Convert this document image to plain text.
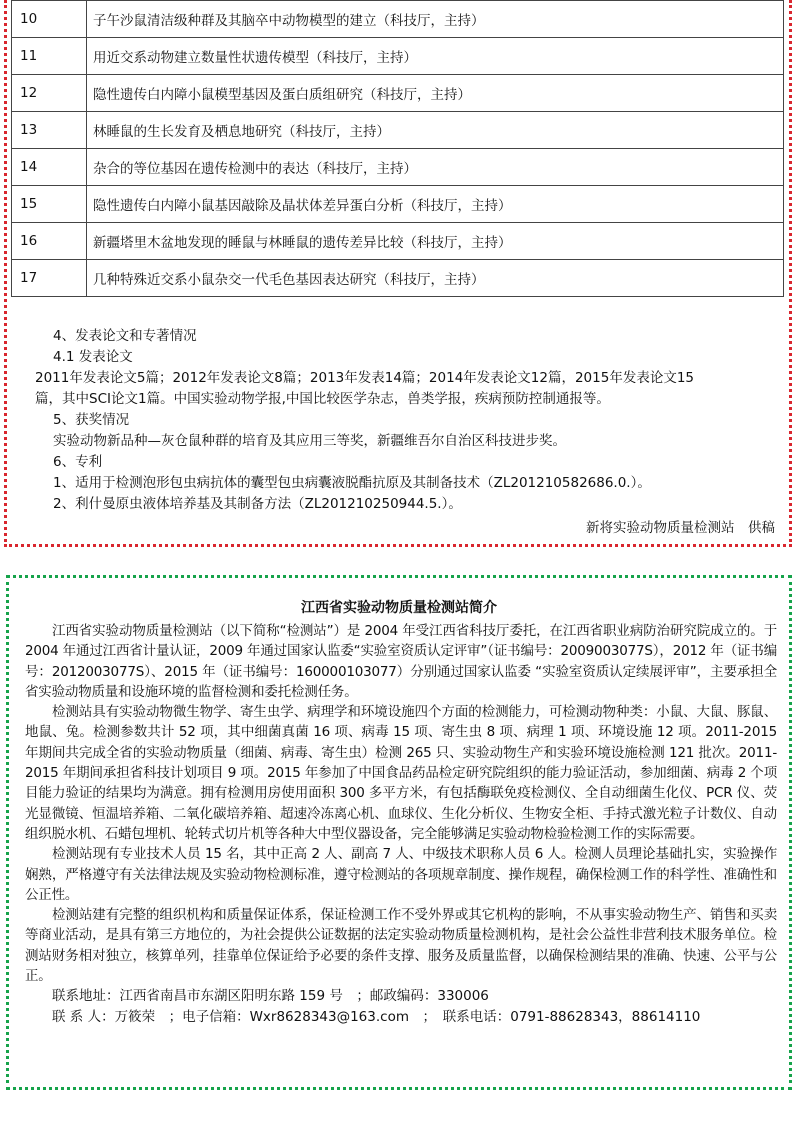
10	子午沙鼠清洁级种群及其脑卒中动物模型的建立（科技厅，主持）
11	用近交系动物建立数量性状遗传模型（科技厅，主持）
12	隐性遗传白内障小鼠模型基因及蛋白质组研究（科技厅，主持）
13	林睡鼠的生长发育及栖息地研究（科技厅，主持）
14	杂合的等位基因在遗传检测中的表达（科技厅，主持）
15	隐性遗传白内障小鼠基因敲除及晶状体差异蛋白分析（科技厅，主持）
16	新疆塔里木盆地发现的睡鼠与林睡鼠的遗传差异比较（科技厅，主持）
17	几种特殊近交系小鼠杂交一代毛色基因表达研究（科技厅，主持）
4、发表论文和专著情况
4.1 发表论文
2011年发表论文5篇；2012年发表论文8篇；2013年发表14篇；2014年发表论文12篇，2015年发表论文15
篇，其中SCI论文1篇。中国实验动物学报,中国比较医学杂志，兽类学报，疾病预防控制通报等。
5、获奖情况
实验动物新品种—灰仓鼠种群的培育及其应用三等奖，新疆维吾尔自治区科技进步奖。
6、专利
1、适用于检测泡形包虫病抗体的囊型包虫病囊液脱酯抗原及其制备技术（ZL201210582686.0.）。
2、利什曼原虫液体培养基及其制备方法（ZL201210250944.5.）。
新将实验动物质量检测站　供稿
江西省实验动物质量检测站简介

江西省实验动物质量检测站（以下简称“检测站”）是 2004 年受江西省科技厅委托，在江西省职业病防治研究院成立的。于 2004 年通过江西省计量认证，2009 年通过国家认监委“实验室资质认定评审”（证书编号：2009003077S），2012 年（证书编号：2012003077S）、2015 年（证书编号：160000103077）分别通过国家认监委 “实验室资质认定续展评审”，主要承担全省实验动物质量和设施环境的监督检测和委托检测任务。

检测站具有实验动物微生物学、寄生虫学、病理学和环境设施四个方面的检测能力，可检测动物种类：小鼠、大鼠、豚鼠、地鼠、兔。检测参数共计 52 项，其中细菌真菌 16 项、病毒 15 项、寄生虫 8 项、病理 1 项、环境设施 12 项。2011-2015 年期间共完成全省的实验动物质量（细菌、病毒、寄生虫）检测 265 只、实验动物生产和实验环境设施检测 121 批次。2011-2015 年期间承担省科技计划项目 9 项。2015 年参加了中国食品药品检定研究院组织的能力验证活动，参加细菌、病毒 2 个项目能力验证的结果均为满意。拥有检测用房使用面积 300 多平方米，有包括酶联免疫检测仪、全自动细菌生化仪、PCR 仪、荧光显微镜、恒温培养箱、二氧化碳培养箱、超速冷冻离心机、血球仪、生化分析仪、生物安全柜、手持式激光粒子计数仪、自动组织脱水机、石蜡包埋机、轮转式切片机等各种大中型仪器设备，完全能够满足实验动物检验检测工作的实际需要。

检测站现有专业技术人员 15 名，其中正高 2 人、副高 7 人、中级技术职称人员 6 人。检测人员理论基础扎实，实验操作娴熟，严格遵守有关法律法规及实验动物检测标准，遵守检测站的各项规章制度、操作规程，确保检测工作的科学性、准确性和公正性。

检测站建有完整的组织机构和质量保证体系，保证检测工作不受外界或其它机构的影响，不从事实验动物生产、销售和买卖等商业活动，是具有第三方地位的，为社会提供公证数据的法定实验动物质量检测机构，是社会公益性非营利技术服务单位。检测站财务相对独立，核算单列，挂靠单位保证给予必要的条件支撑、服务及质量监督，以确保检测结果的准确、快速、公平与公正。

联系地址：江西省南昌市东湖区阳明东路 159 号　；邮政编码：330006
联 系 人：万筱荣　；电子信箱：Wxr8628343@163.com　；　联系电话：0791-88628343，88614110
